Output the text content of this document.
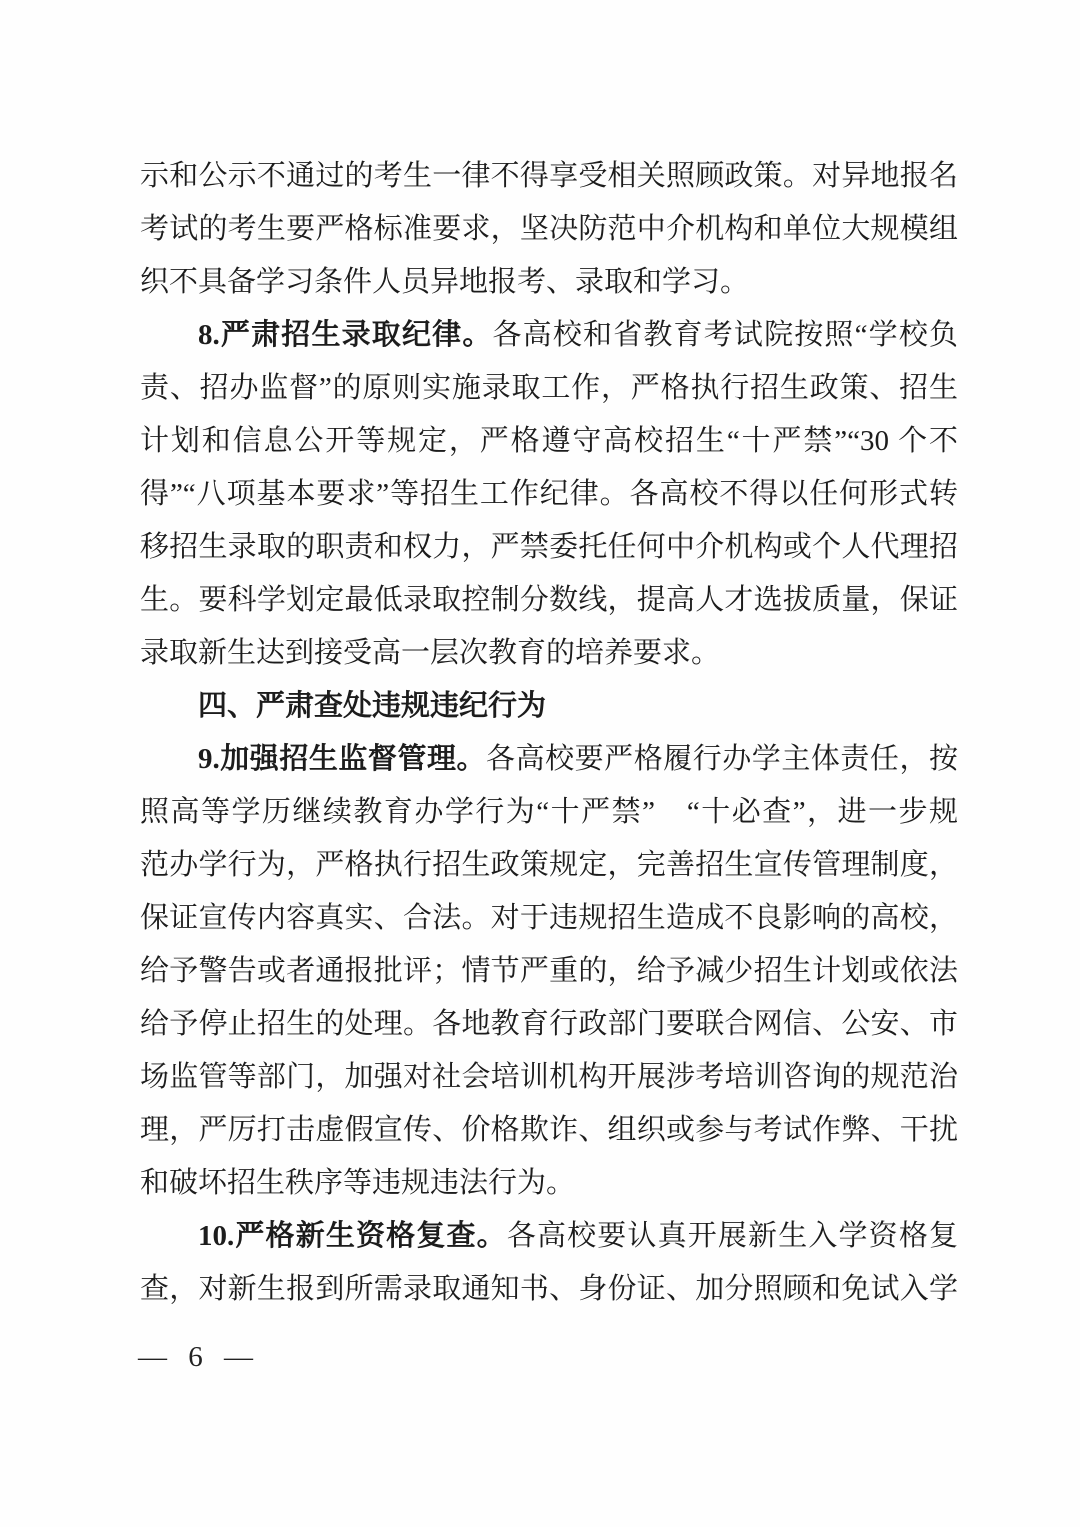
示和公示不通过的考生一律不得享受相关照顾政策。对异地报名
考试的考生要严格标准要求，坚决防范中介机构和单位大规模组
织不具备学习条件人员异地报考、录取和学习。
8.严肃招生录取纪律。各高校和省教育考试院按照“学校负
责、招办监督”的原则实施录取工作，严格执行招生政策、招生
计划和信息公开等规定，严格遵守高校招生“十严禁”“30 个不
得”“八项基本要求”等招生工作纪律。各高校不得以任何形式转
移招生录取的职责和权力，严禁委托任何中介机构或个人代理招
生。要科学划定最低录取控制分数线，提高人才选拔质量，保证
录取新生达到接受高一层次教育的培养要求。
四、严肃查处违规违纪行为
9.加强招生监督管理。各高校要严格履行办学主体责任，按
照高等学历继续教育办学行为“十严禁”　“十必查”，进一步规
范办学行为，严格执行招生政策规定，完善招生宣传管理制度，
保证宣传内容真实、合法。对于违规招生造成不良影响的高校，
给予警告或者通报批评；情节严重的，给予减少招生计划或依法
给予停止招生的处理。各地教育行政部门要联合网信、公安、市
场监管等部门，加强对社会培训机构开展涉考培训咨询的规范治
理，严厉打击虚假宣传、价格欺诈、组织或参与考试作弊、干扰
和破坏招生秩序等违规违法行为。
10.严格新生资格复查。各高校要认真开展新生入学资格复
查，对新生报到所需录取通知书、身份证、加分照顾和免试入学
— 6 —
